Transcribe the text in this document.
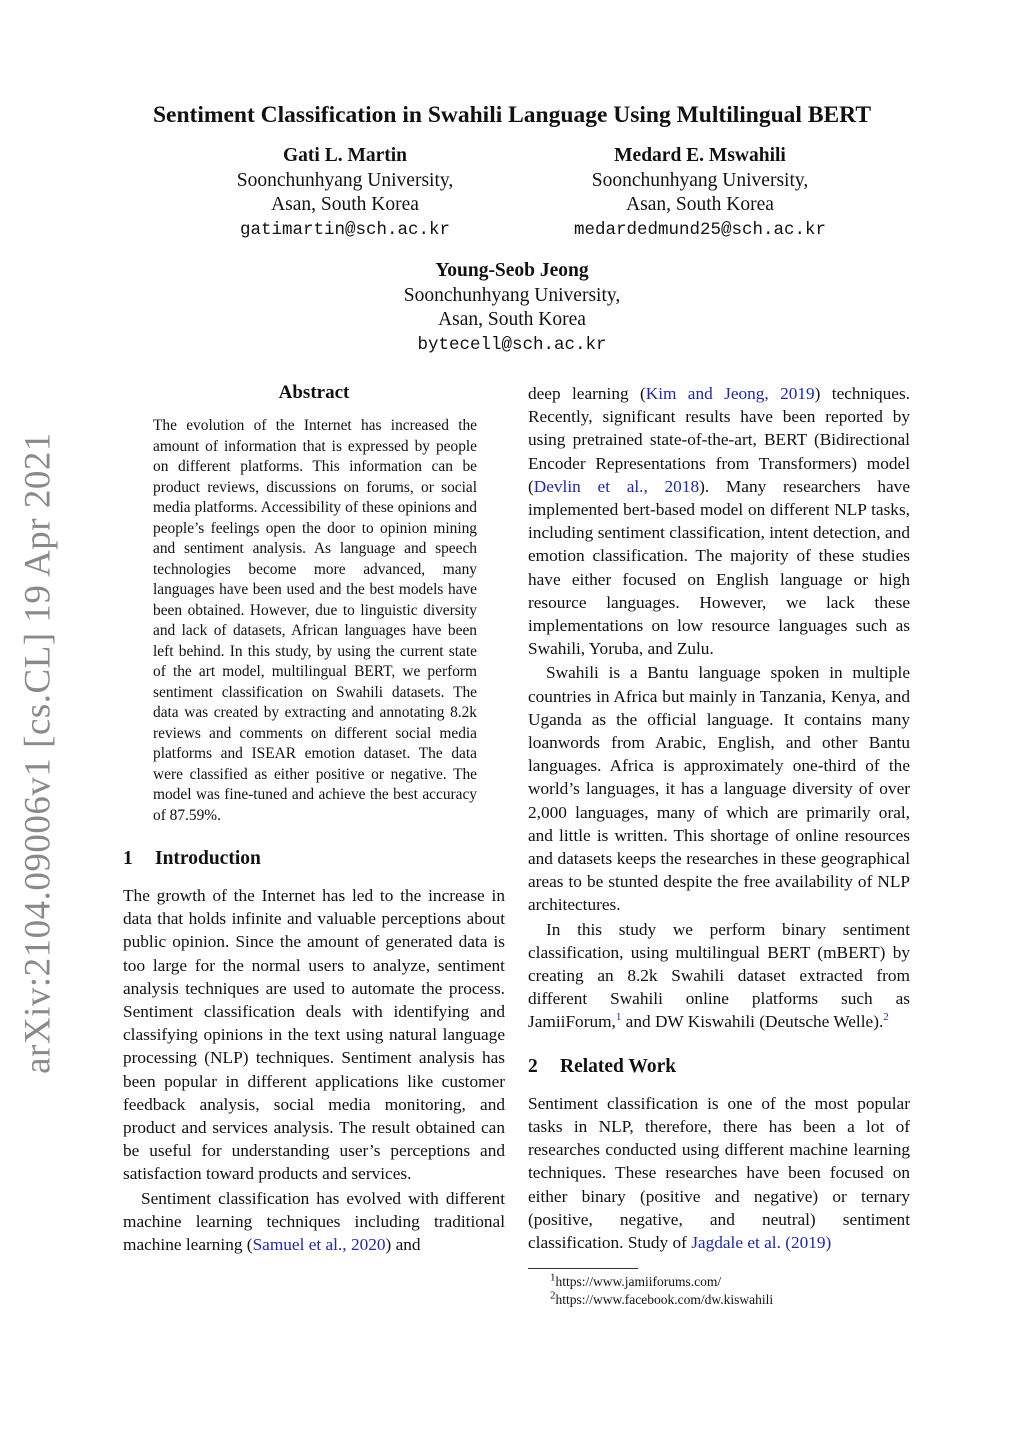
arXiv:2104.09006v1 [cs.CL] 19 Apr 2021
Sentiment Classification in Swahili Language Using Multilingual BERT
Gati L. Martin
Soonchunhyang University,
Asan, South Korea
gatimartin@sch.ac.kr
Medard E. Mswahili
Soonchunhyang University,
Asan, South Korea
medardedmund25@sch.ac.kr
Young-Seob Jeong
Soonchunhyang University,
Asan, South Korea
bytecell@sch.ac.kr
Abstract
The evolution of the Internet has increased the amount of information that is expressed by people on different platforms. This information can be product reviews, discussions on forums, or social media platforms. Accessibility of these opinions and people’s feelings open the door to opinion mining and sentiment analysis. As language and speech technologies become more advanced, many languages have been used and the best models have been obtained. However, due to linguistic diversity and lack of datasets, African languages have been left behind. In this study, by using the current state of the art model, multilingual BERT, we perform sentiment classification on Swahili datasets. The data was created by extracting and annotating 8.2k reviews and comments on different social media platforms and ISEAR emotion dataset. The data were classified as either positive or negative. The model was fine-tuned and achieve the best accuracy of 87.59%.
1 Introduction

The growth of the Internet has led to the increase in data that holds infinite and valuable perceptions about public opinion. Since the amount of generated data is too large for the normal users to analyze, sentiment analysis techniques are used to automate the process. Sentiment classification deals with identifying and classifying opinions in the text using natural language processing (NLP) techniques. Sentiment analysis has been popular in different applications like customer feedback analysis, social media monitoring, and product and services analysis. The result obtained can be useful for understanding user’s perceptions and satisfaction toward products and services.

Sentiment classification has evolved with different machine learning techniques including traditional machine learning (Samuel et al., 2020) and

deep learning (Kim and Jeong, 2019) techniques. Recently, significant results have been reported by using pretrained state-of-the-art, BERT (Bidirectional Encoder Representations from Transformers) model (Devlin et al., 2018). Many researchers have implemented bert-based model on different NLP tasks, including sentiment classification, intent detection, and emotion classification. The majority of these studies have either focused on English language or high resource languages. However, we lack these implementations on low resource languages such as Swahili, Yoruba, and Zulu.

Swahili is a Bantu language spoken in multiple countries in Africa but mainly in Tanzania, Kenya, and Uganda as the official language. It contains many loanwords from Arabic, English, and other Bantu languages. Africa is approximately one-third of the world’s languages, it has a language diversity of over 2,000 languages, many of which are primarily oral, and little is written. This shortage of online resources and datasets keeps the researches in these geographical areas to be stunted despite the free availability of NLP architectures.

In this study we perform binary sentiment classification, using multilingual BERT (mBERT) by creating an 8.2k Swahili dataset extracted from different Swahili online platforms such as JamiiForum,$^1$ and DW Kiswahili (Deutsche Welle).$^2$

2 Related Work

Sentiment classification is one of the most popular tasks in NLP, therefore, there has been a lot of researches conducted using different machine learning techniques. These researches have been focused on either binary (positive and negative) or ternary (positive, negative, and neutral) sentiment classification. Study of Jagdale et al. (2019)

$^1$https://www.jamiiforums.com/
$^2$https://www.facebook.com/dw.kiswahili
